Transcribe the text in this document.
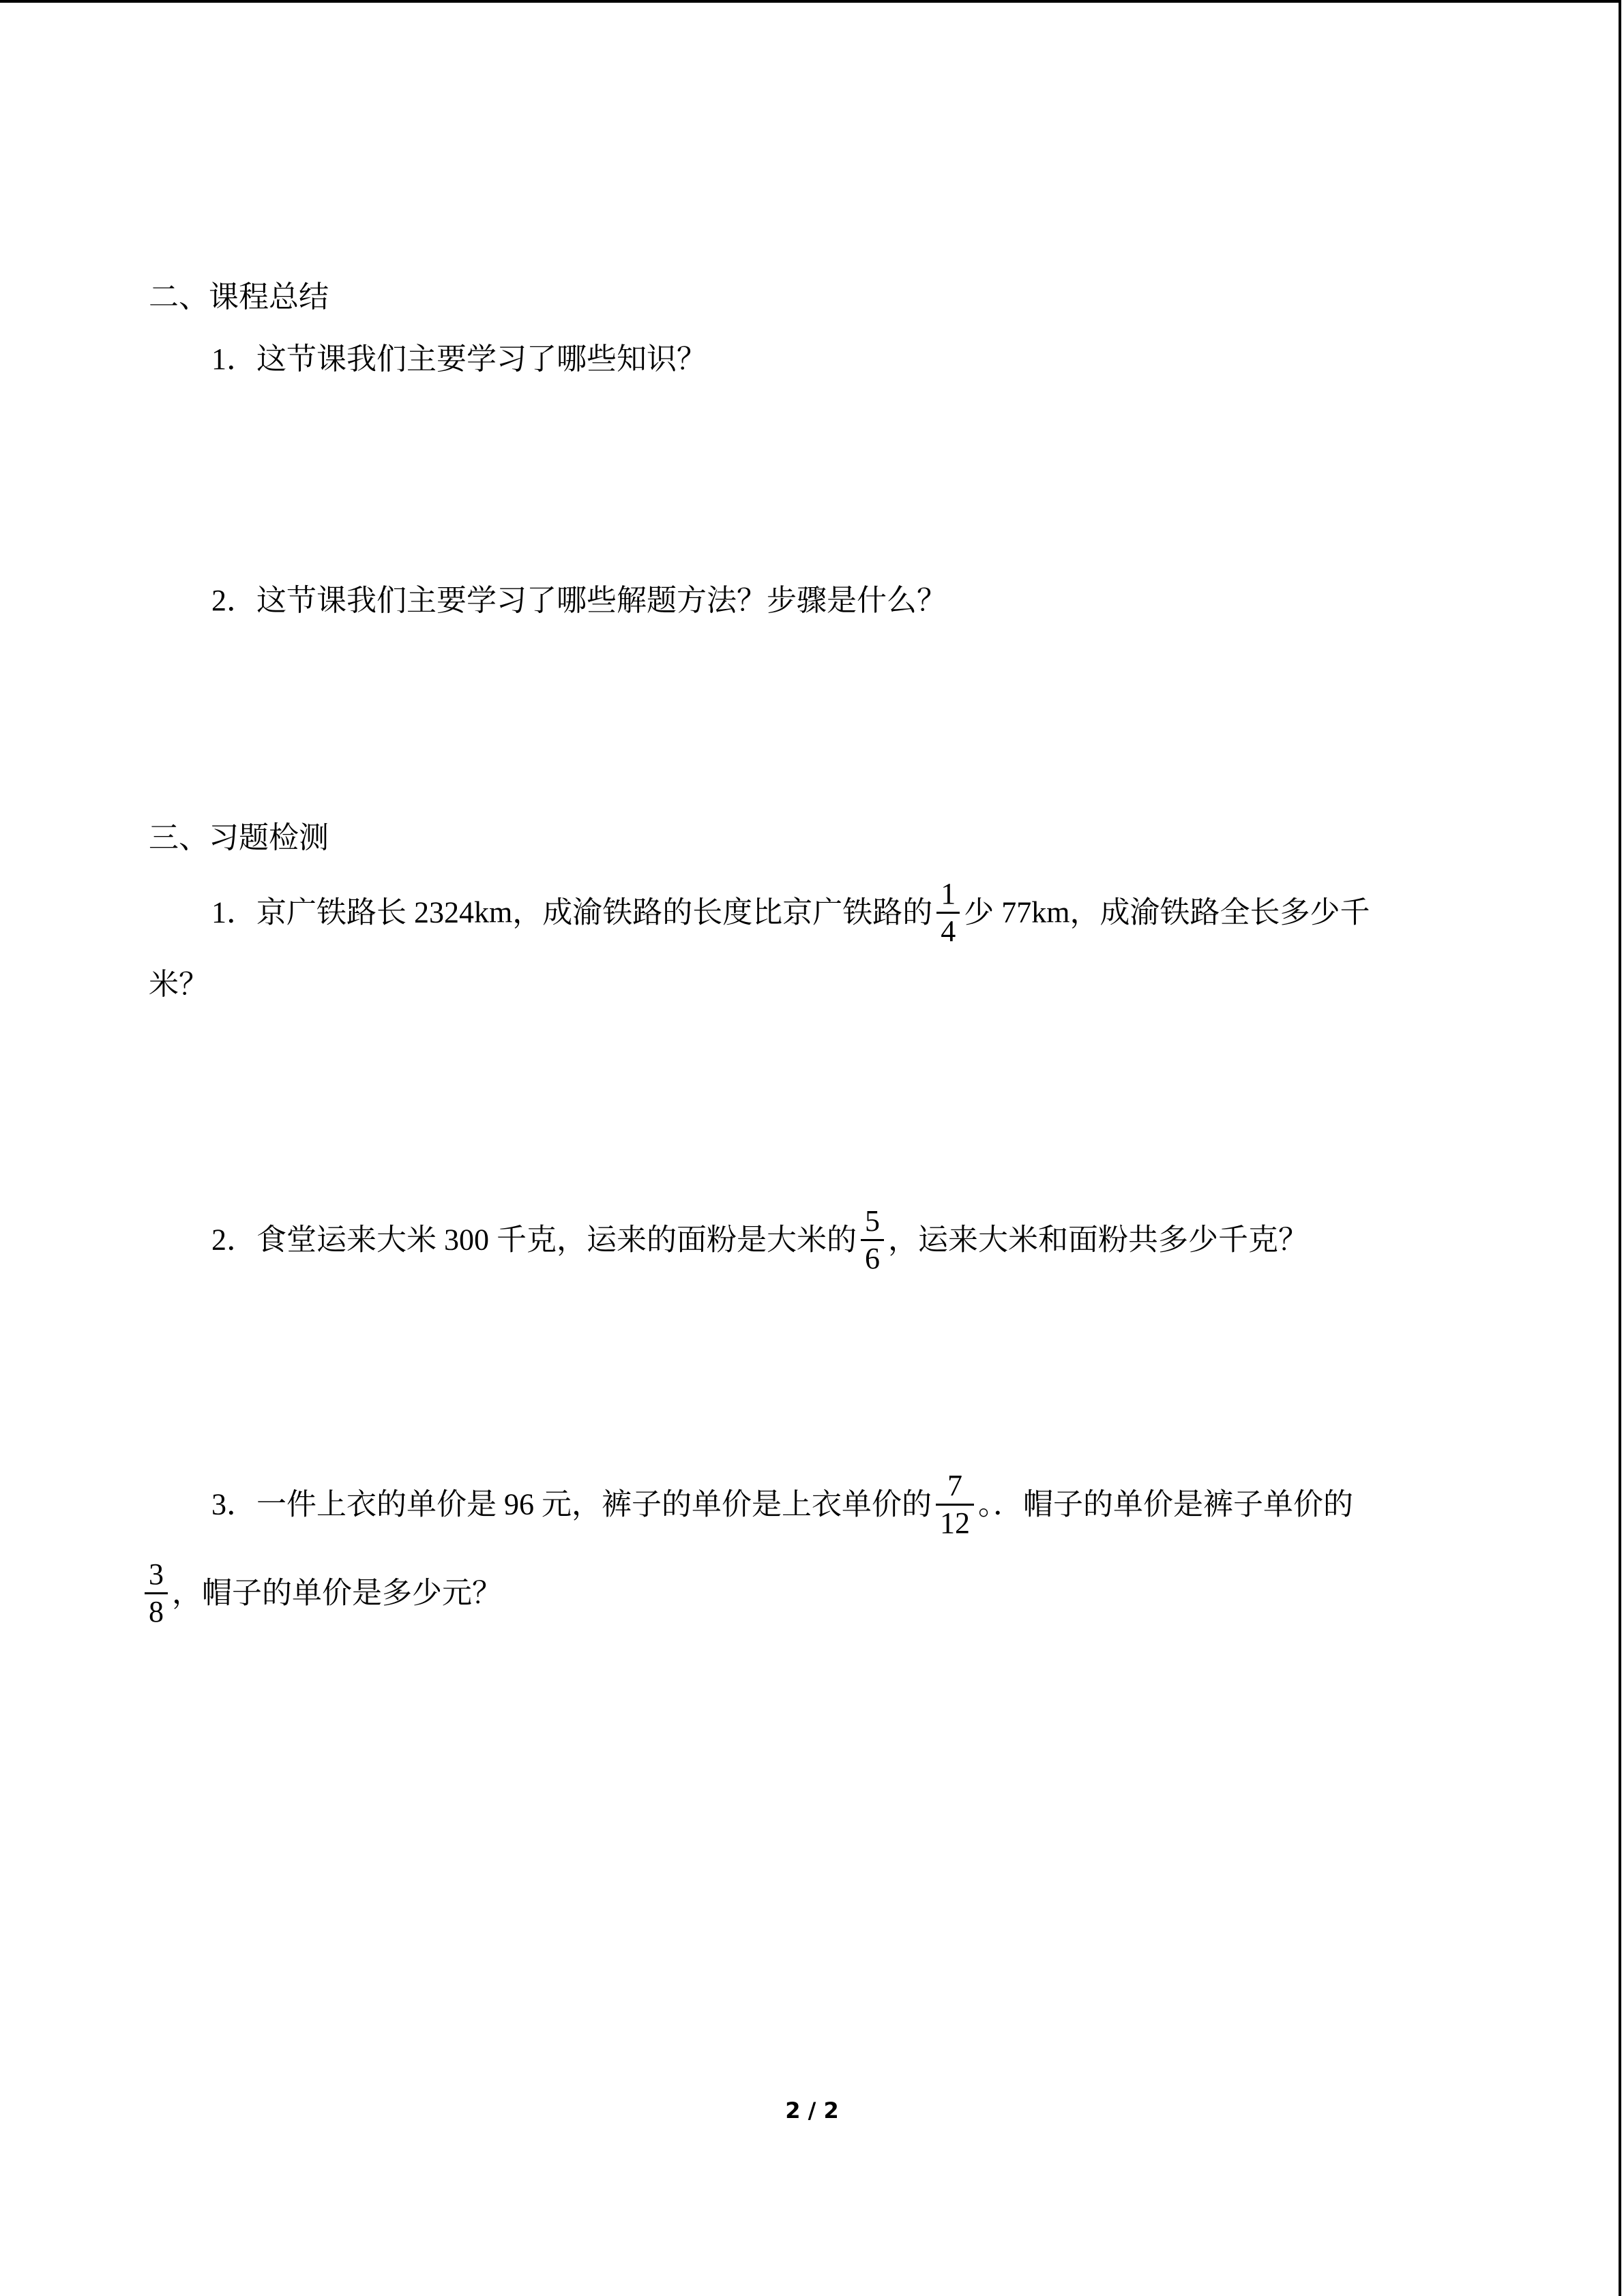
二、课程总结
1．这节课我们主要学习了哪些知识？
2．这节课我们主要学习了哪些解题方法？步骤是什么？
三、习题检测
1．京广铁路长 2324km，成渝铁路的长度比京广铁路的 $\frac{1}{4}$ 少 77km，成渝铁路全长多少千
米？
2．食堂运来大米 300 千克，运来的面粉是大米的 $\frac{5}{6}$ ，运来大米和面粉共多少千克？
3．一件上衣的单价是 96 元，裤子的单价是上衣单价的 $\frac{7}{12}$ 。．帽子的单价是裤子单价的
$\frac{3}{8}$ ，帽子的单价是多少元？
2 / 2
